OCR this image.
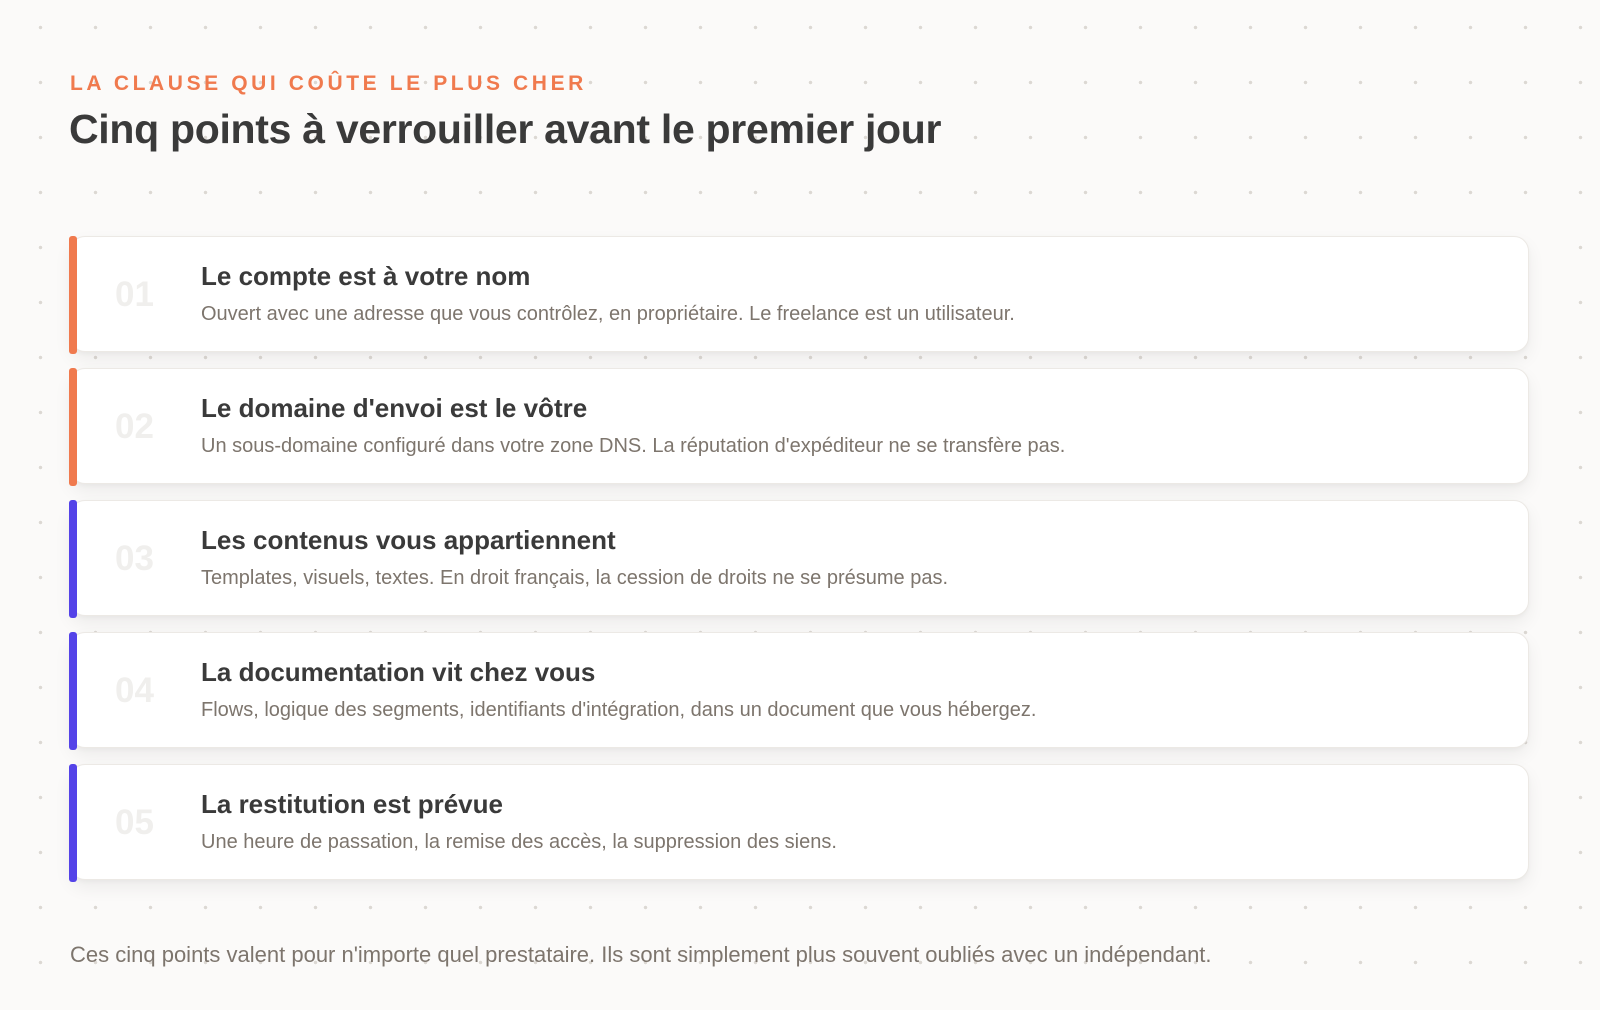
LA CLAUSE QUI COÛTE LE PLUS CHER
Cinq points à verrouiller avant le premier jour
01 Le compte est à votre nom
Ouvert avec une adresse que vous contrôlez, en propriétaire. Le freelance est un utilisateur.
02 Le domaine d'envoi est le vôtre
Un sous-domaine configuré dans votre zone DNS. La réputation d'expéditeur ne se transfère pas.
03 Les contenus vous appartiennent
Templates, visuels, textes. En droit français, la cession de droits ne se présume pas.
04 La documentation vit chez vous
Flows, logique des segments, identifiants d'intégration, dans un document que vous hébergez.
05 La restitution est prévue
Une heure de passation, la remise des accès, la suppression des siens.
Ces cinq points valent pour n'importe quel prestataire. Ils sont simplement plus souvent oubliés avec un indépendant.
